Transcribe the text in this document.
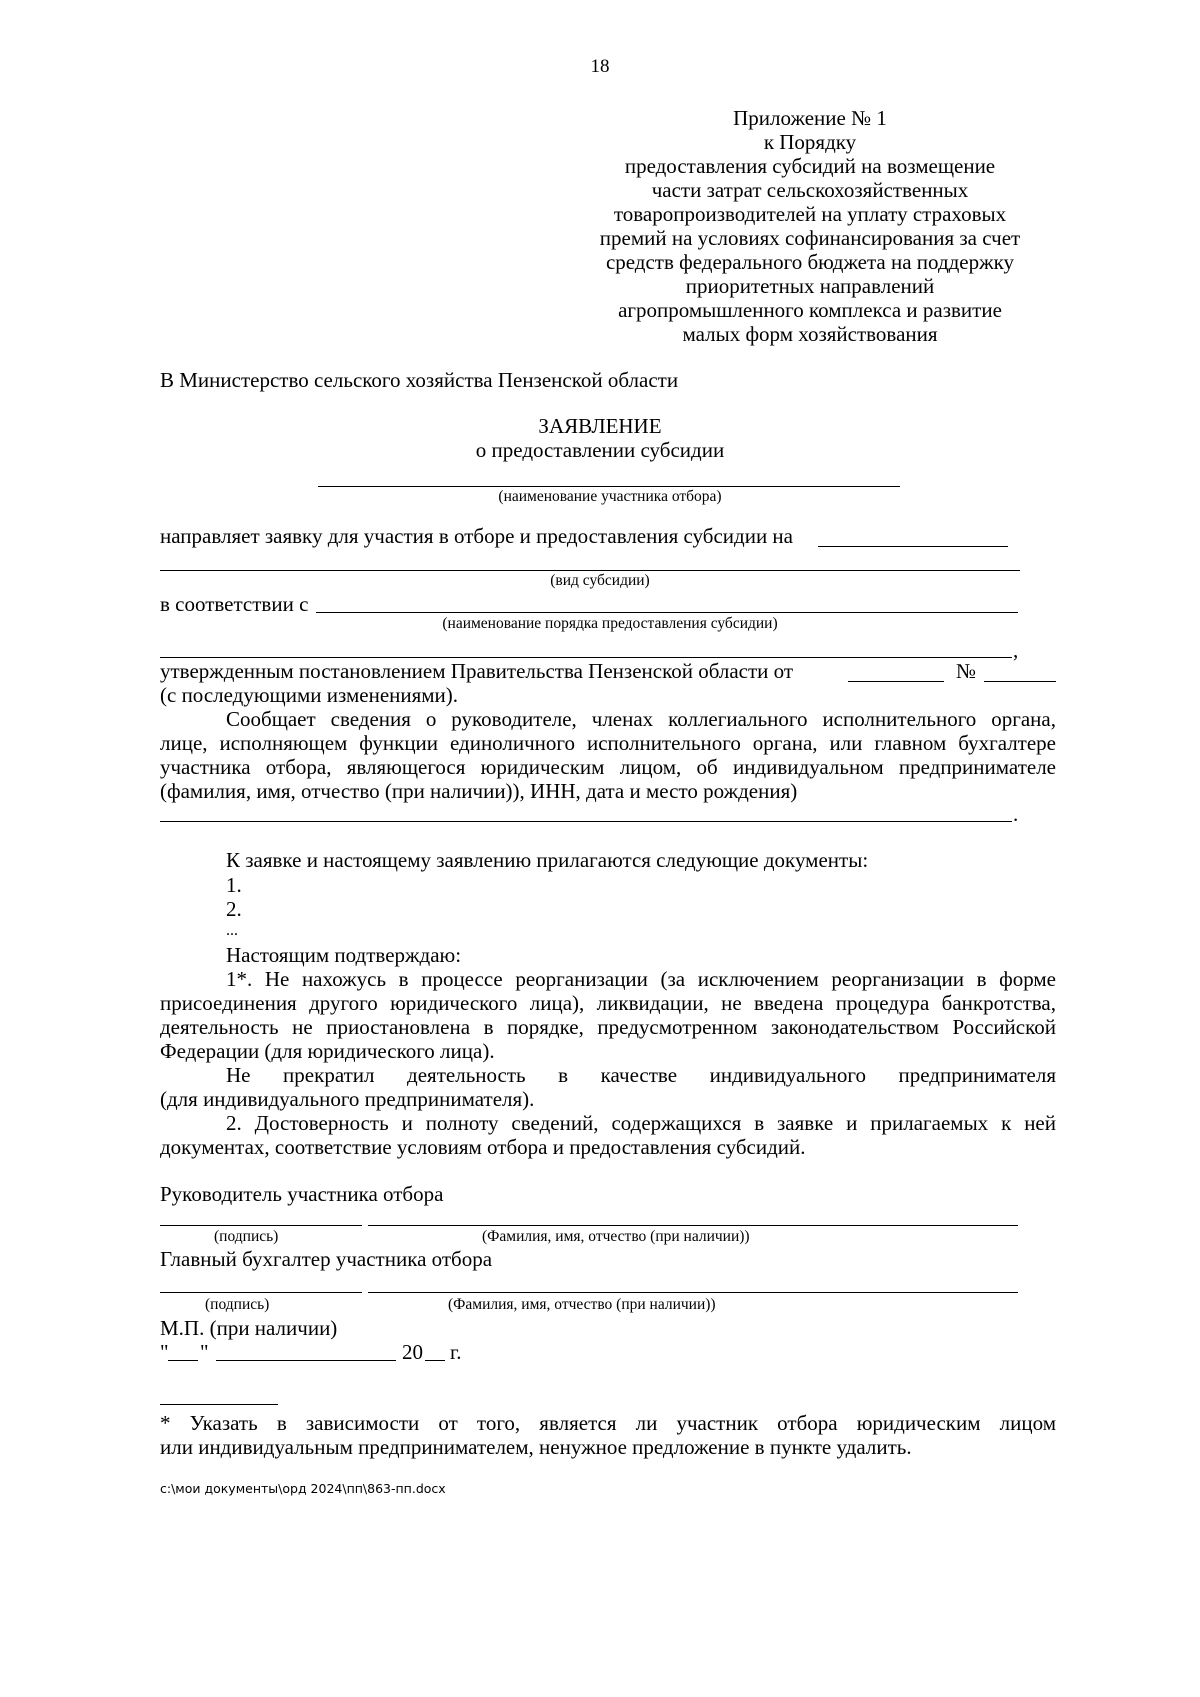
18
Приложение № 1
к Порядку
предоставления субсидий на возмещение
части затрат сельскохозяйственных
товаропроизводителей на уплату страховых
премий на условиях софинансирования за счет
средств федерального бюджета на поддержку
приоритетных направлений
агропромышленного комплекса и развитие
малых форм хозяйствования
В Министерство сельского хозяйства Пензенской области
ЗАЯВЛЕНИЕ
о предоставлении субсидии
(наименование участника отбора)
направляет заявку для участия в отборе и предоставления субсидии на
(вид субсидии)
в соответствии с
(наименование порядка предоставления субсидии)
,
утвержденным постановлением Правительства Пензенской области от	№
(с последующими изменениями).
Сообщает сведения о руководителе, членах коллегиального исполнительного органа,
лице, исполняющем функции единоличного исполнительного органа, или главном бухгалтере
участника отбора, являющегося юридическим лицом, об индивидуальном предпринимателе
(фамилия, имя, отчество (при наличии)), ИНН, дата и место рождения)
.
К заявке и настоящему заявлению прилагаются следующие документы:
1.
2.
...
Настоящим подтверждаю:
1*. Не нахожусь в процессе реорганизации (за исключением реорганизации в форме
присоединения другого юридического лица), ликвидации, не введена процедура банкротства,
деятельность не приостановлена в порядке, предусмотренном законодательством Российской
Федерации (для юридического лица).
Не прекратил деятельность в качестве индивидуального предпринимателя
(для индивидуального предпринимателя).
2. Достоверность и полноту сведений, содержащихся в заявке и прилагаемых к ней
документах, соответствие условиям отбора и предоставления субсидий.
Руководитель участника отбора
(подпись)	(Фамилия, имя, отчество (при наличии))
Главный бухгалтер участника отбора
(подпись)	(Фамилия, имя, отчество (при наличии))
М.П. (при наличии)
" "	20 г.
* Указать в зависимости от того, является ли участник отбора юридическим лицом
или индивидуальным предпринимателем, ненужное предложение в пункте удалить.
c:\мои документы\орд 2024\пп\863-пп.docx
